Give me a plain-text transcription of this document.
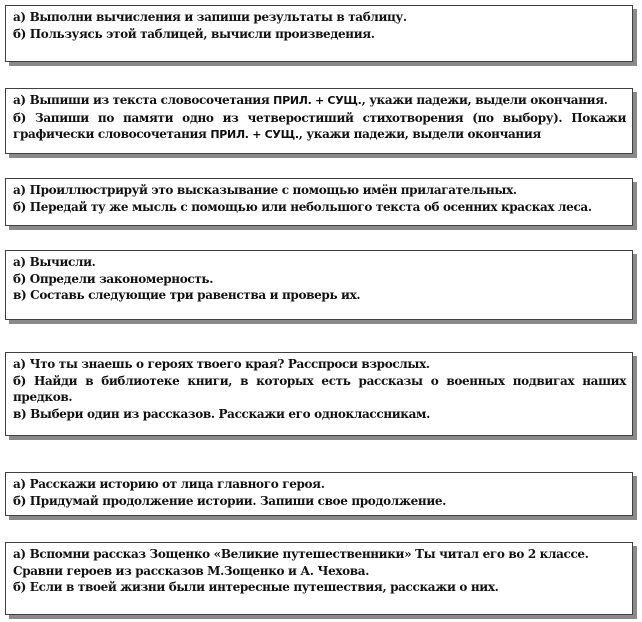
а) Выполни вычисления и запиши результаты в таблицу.
б) Пользуясь этой таблицей, вычисли произведения.
а) Выпиши из текста словосочетания ПРИЛ. + СУЩ., укажи падежи, выдели окончания.
б) Запиши по памяти одно из четверостиший стихотворения (по выбору). Покажи графически словосочетания ПРИЛ. + СУЩ., укажи падежи, выдели окончания
а) Проиллюстрируй это высказывание с помощью имён прилагательных.
б) Передай ту же мысль с помощью или небольшого текста об осенних красках леса.
а) Вычисли.
б) Определи закономерность.
в) Составь следующие три равенства и проверь их.
а) Что ты знаешь о героях твоего края? Расспроси взрослых.
б) Найди в библиотеке книги, в которых есть рассказы о военных подвигах наших предков.
в) Выбери один из рассказов. Расскажи его одноклассникам.
а) Расскажи историю от лица главного героя.
б) Придумай продолжение истории. Запиши свое продолжение.
а) Вспомни рассказ Зощенко «Великие путешественники» Ты читал его во 2 классе.
Сравни героев из рассказов М.Зощенко и А. Чехова.
б) Если в твоей жизни были интересные путешествия, расскажи о них.
